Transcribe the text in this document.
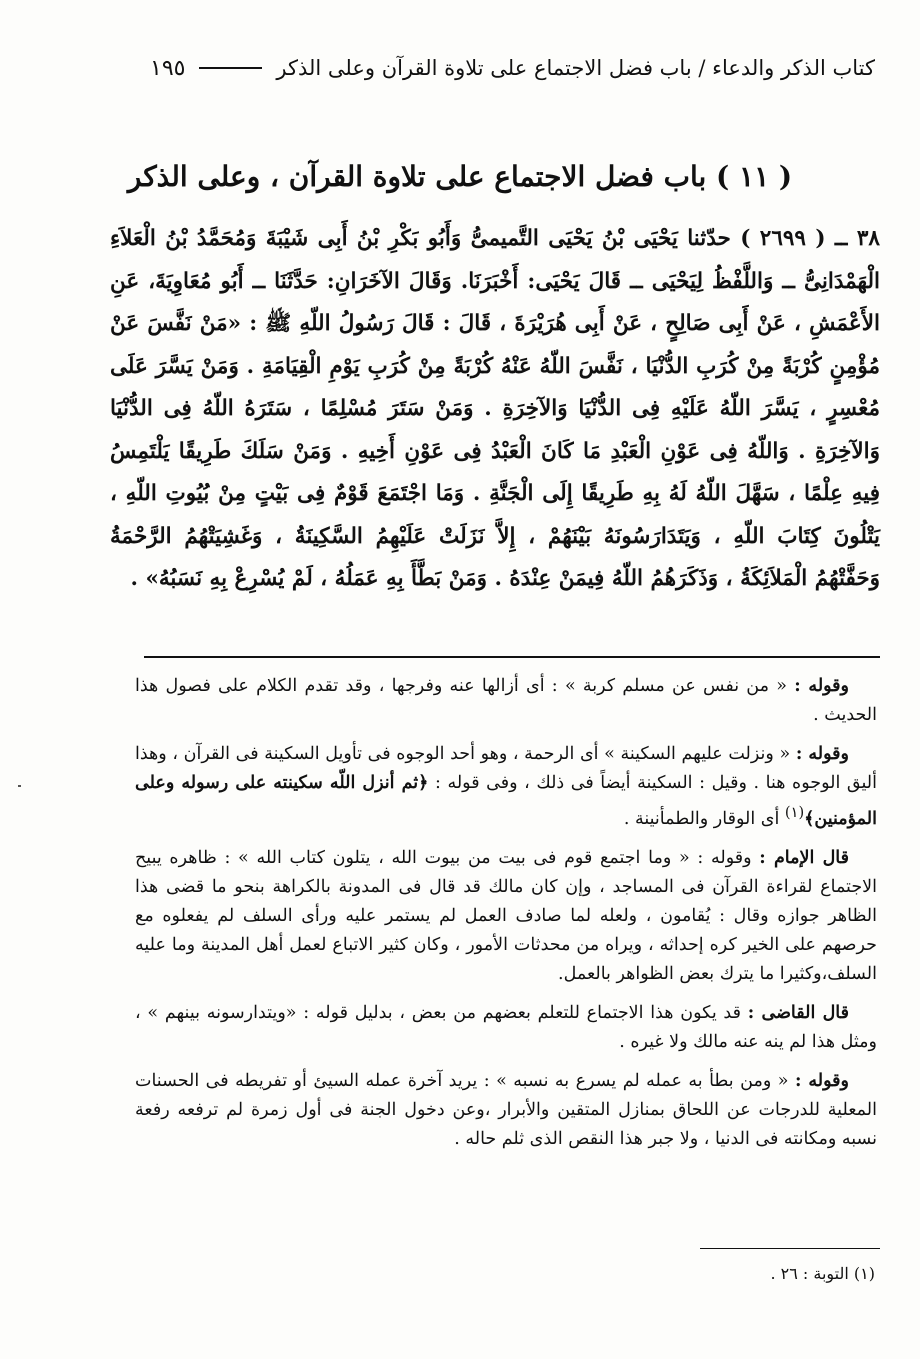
كتاب الذكر والدعاء / باب فضل الاجتماع على تلاوة القرآن وعلى الذكر
١٩٥
( ١١ ) باب فضل الاجتماع على تلاوة القرآن ، وعلى الذكر
٣٨ ــ ( ٢٦٩٩ ) حدّثنا يَحْيَى بْنُ يَحْيَى التَّميمىُّ وَأَبُو بَكْرِ بْنُ أَبِى شَيْبَةَ وَمُحَمَّدُ بْنُ الْعَلاَءِ الْهَمْدَانِىُّ ــ وَاللَّفْظُ لِيَحْيَى ــ قَالَ يَحْيَى: أَخْبَرَنَا. وَقَالَ الآخَرَانِ: حَدَّثَنَا ــ أَبُو مُعَاوِيَةَ، عَنِ الأَعْمَشِ ، عَنْ أَبِى صَالِحٍ ، عَنْ أَبِى هُرَيْرَةَ ، قَالَ : قَالَ رَسُولُ اللّهِ ﷺ : «مَنْ نَفَّسَ عَنْ مُؤْمِنٍ كُرْبَةً مِنْ كُرَبِ الدُّنْيَا ، نَفَّسَ اللّهُ عَنْهُ كُرْبَةً مِنْ كُرَبِ يَوْمِ الْقِيَامَةِ . وَمَنْ يَسَّرَ عَلَى مُعْسِرٍ ، يَسَّرَ اللّهُ عَلَيْهِ فِى الدُّنْيَا وَالآخِرَةِ . وَمَنْ سَتَرَ مُسْلِمًا ، سَتَرَهُ اللّهُ فِى الدُّنْيَا وَالآخِرَةِ . وَاللّهُ فِى عَوْنِ الْعَبْدِ مَا كَانَ الْعَبْدُ فِى عَوْنِ أَخِيهِ . وَمَنْ سَلَكَ طَرِيقًا يَلْتَمِسُ فِيهِ عِلْمًا ، سَهَّلَ اللّهُ لَهُ بِهِ طَرِيقًا إِلَى الْجَنَّةِ . وَمَا اجْتَمَعَ قَوْمٌ فِى بَيْتٍ مِنْ بُيُوتِ اللّهِ ، يَتْلُونَ كِتَابَ اللّهِ ، وَيَتَدَارَسُونَهُ بَيْنَهُمْ ، إِلاَّ نَزَلَتْ عَلَيْهِمُ السَّكِينَةُ ، وَغَشِيَتْهُمُ الرَّحْمَةُ وَحَفَّتْهُمُ الْمَلاَئِكَةُ ، وَذَكَرَهُمُ اللّهُ فِيمَنْ عِنْدَهُ . وَمَنْ بَطَّأَ بِهِ عَمَلُهُ ، لَمْ يُسْرِعْ بِهِ نَسَبُهُ» .

وقوله : « من نفس عن مسلم كربة » : أى أزالها عنه وفرجها ، وقد تقدم الكلام على فصول هذا الحديث .

وقوله : « ونزلت عليهم السكينة » أى الرحمة ، وهو أحد الوجوه فى تأويل السكينة فى القرآن ، وهذا أليق الوجوه هنا . وقيل : السكينة أيضاً فى ذلك ، وفى قوله : ﴿ثم أنزل اللّه سكينته على رسوله وعلى المؤمنين﴾$^{(١)}$ أى الوقار والطمأنينة .

قال الإمام : وقوله : « وما اجتمع قوم فى بيت من بيوت الله ، يتلون كتاب الله » : ظاهره يبيح الاجتماع لقراءة القرآن فى المساجد ، وإن كان مالك قد قال فى المدونة بالكراهة بنحو ما قضى هذا الظاهر جوازه وقال : يُقامون ، ولعله لما صادف العمل لم يستمر عليه ورأى السلف لم يفعلوه مع حرصهم على الخير كره إحداثه ، ويراه من محدثات الأمور ، وكان كثير الاتباع لعمل أهل المدينة وما عليه السلف،وكثيرا ما يترك بعض الظواهر بالعمل.

قال القاضى : قد يكون هذا الاجتماع للتعلم بعضهم من بعض ، بدليل قوله : «ويتدارسونه بينهم » ، ومثل هذا لم ينه عنه مالك ولا غيره .

وقوله : « ومن بطأ به عمله لم يسرع به نسبه » : يريد آخرة عمله السيئ أو تفريطه فى الحسنات المعلية للدرجات عن اللحاق بمنازل المتقين والأبرار ،وعن دخول الجنة فى أول زمرة لم ترفعه رفعة نسبه ومكانته فى الدنيا ، ولا جبر هذا النقص الذى ثلم حاله .

(١) التوبة : ٢٦ .
